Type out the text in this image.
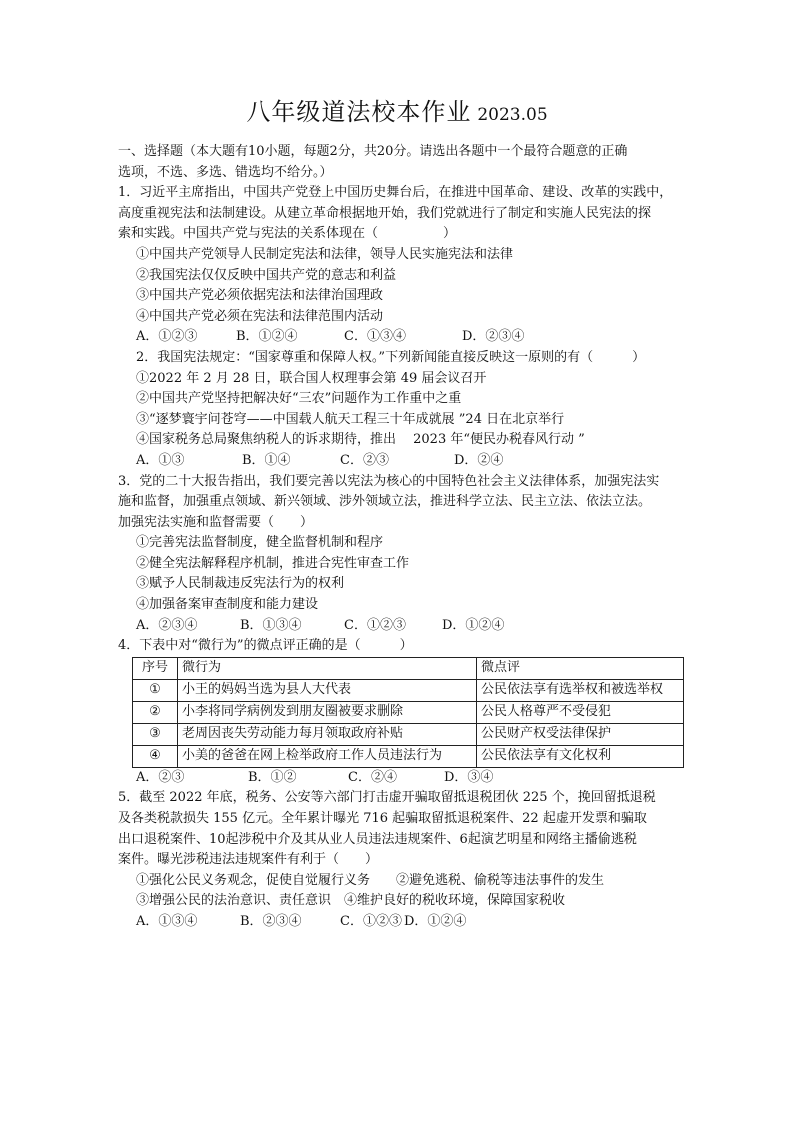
八年级道法校本作业 2023.05
一、选择题（本大题有10小题，每题2分，共20分。请选出各题中一个最符合题意的正确
选项，不选、多选、错选均不给分。）
1．习近平主席指出，中国共产党登上中国历史舞台后，在推进中国革命、建设、改革的实践中，
高度重视宪法和法制建设。从建立革命根据地开始，我们党就进行了制定和实施人民宪法的探
索和实践。中国共产党与宪法的关系体现在（　　　　　）
①中国共产党领导人民制定宪法和法律，领导人民实施宪法和法律
②我国宪法仅仅反映中国共产党的意志和利益
③中国共产党必须依据宪法和法律治国理政
④中国共产党必须在宪法和法律范围内活动
A．①②③	B．①②④	C．①③④	D．②③④
2．我国宪法规定：“国家尊重和保障人权。”下列新闻能直接反映这一原则的有（　　　）
①2022 年 2 月 28 日，联合国人权理事会第 49 届会议召开
②中国共产党坚持把解决好“三农”问题作为工作重中之重
③“逐梦寰宇问苍穹——中国载人航天工程三十年成就展 ”24 日在北京举行
④国家税务总局聚焦纳税人的诉求期待，推出　 2023 年“便民办税春风行动 ”
A．①③	B．①④	C．②③	D．②④
3．党的二十大报告指出，我们要完善以宪法为核心的中国特色社会主义法律体系，加强宪法实
施和监督，加强重点领域、新兴领域、涉外领域立法，推进科学立法、民主立法、依法立法。
加强宪法实施和监督需要（　　）
①完善宪法监督制度，健全监督机制和程序
②健全宪法解释程序机制，推进合宪性审查工作
③赋予人民制裁违反宪法行为的权利
④加强备案审查制度和能力建设
A．②③④	B．①③④	C．①②③	D．①②④
4．下表中对“微行为”的微点评正确的是（　　　）
序号	微行为	微点评
①	小王的妈妈当选为县人大代表	公民依法享有选举权和被选举权
②	小李将同学病例发到朋友圈被要求删除	公民人格尊严不受侵犯
③	老周因丧失劳动能力每月领取政府补贴	公民财产权受法律保护
④	小美的爸爸在网上检举政府工作人员违法行为	公民依法享有文化权利
A．②③	B．①②	C．②④	D．③④
5．截至 2022 年底，税务、公安等六部门打击虚开骗取留抵退税团伙 225 个，挽回留抵退税
及各类税款损失 155 亿元。全年累计曝光 716 起骗取留抵退税案件、22 起虚开发票和骗取
出口退税案件、10起涉税中介及其从业人员违法违规案件、6起演艺明星和网络主播偷逃税
案件。曝光涉税违法违规案件有利于（　　）
①强化公民义务观念，促使自觉履行义务　　②避免逃税、偷税等违法事件的发生
③增强公民的法治意识、责任意识　④维护良好的税收环境，保障国家税收
A．①③④	B．②③④	C．①②③ D．①②④
